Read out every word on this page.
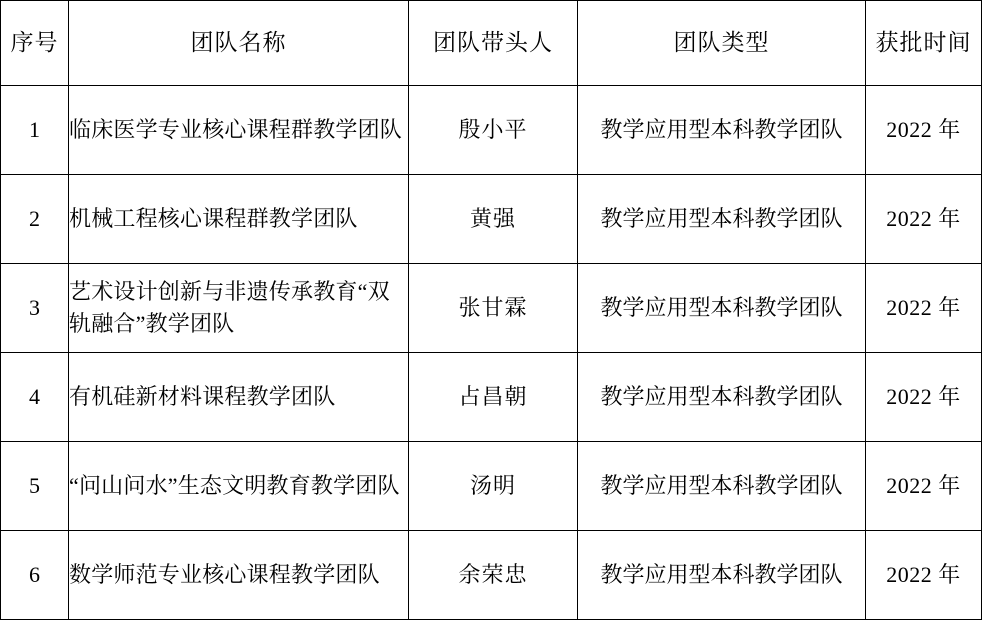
序号	团队名称	团队带头人	团队类型	获批时间
1	临床医学专业核心课程群教学团队	殷小平	教学应用型本科教学团队	2022 年
2	机械工程核心课程群教学团队	黄强	教学应用型本科教学团队	2022 年
3	艺术设计创新与非遗传承教育“双轨融合”教学团队	张甘霖	教学应用型本科教学团队	2022 年
4	有机硅新材料课程教学团队	占昌朝	教学应用型本科教学团队	2022 年
5	“问山问水”生态文明教育教学团队	汤明	教学应用型本科教学团队	2022 年
6	数学师范专业核心课程教学团队	余荣忠	教学应用型本科教学团队	2022 年
